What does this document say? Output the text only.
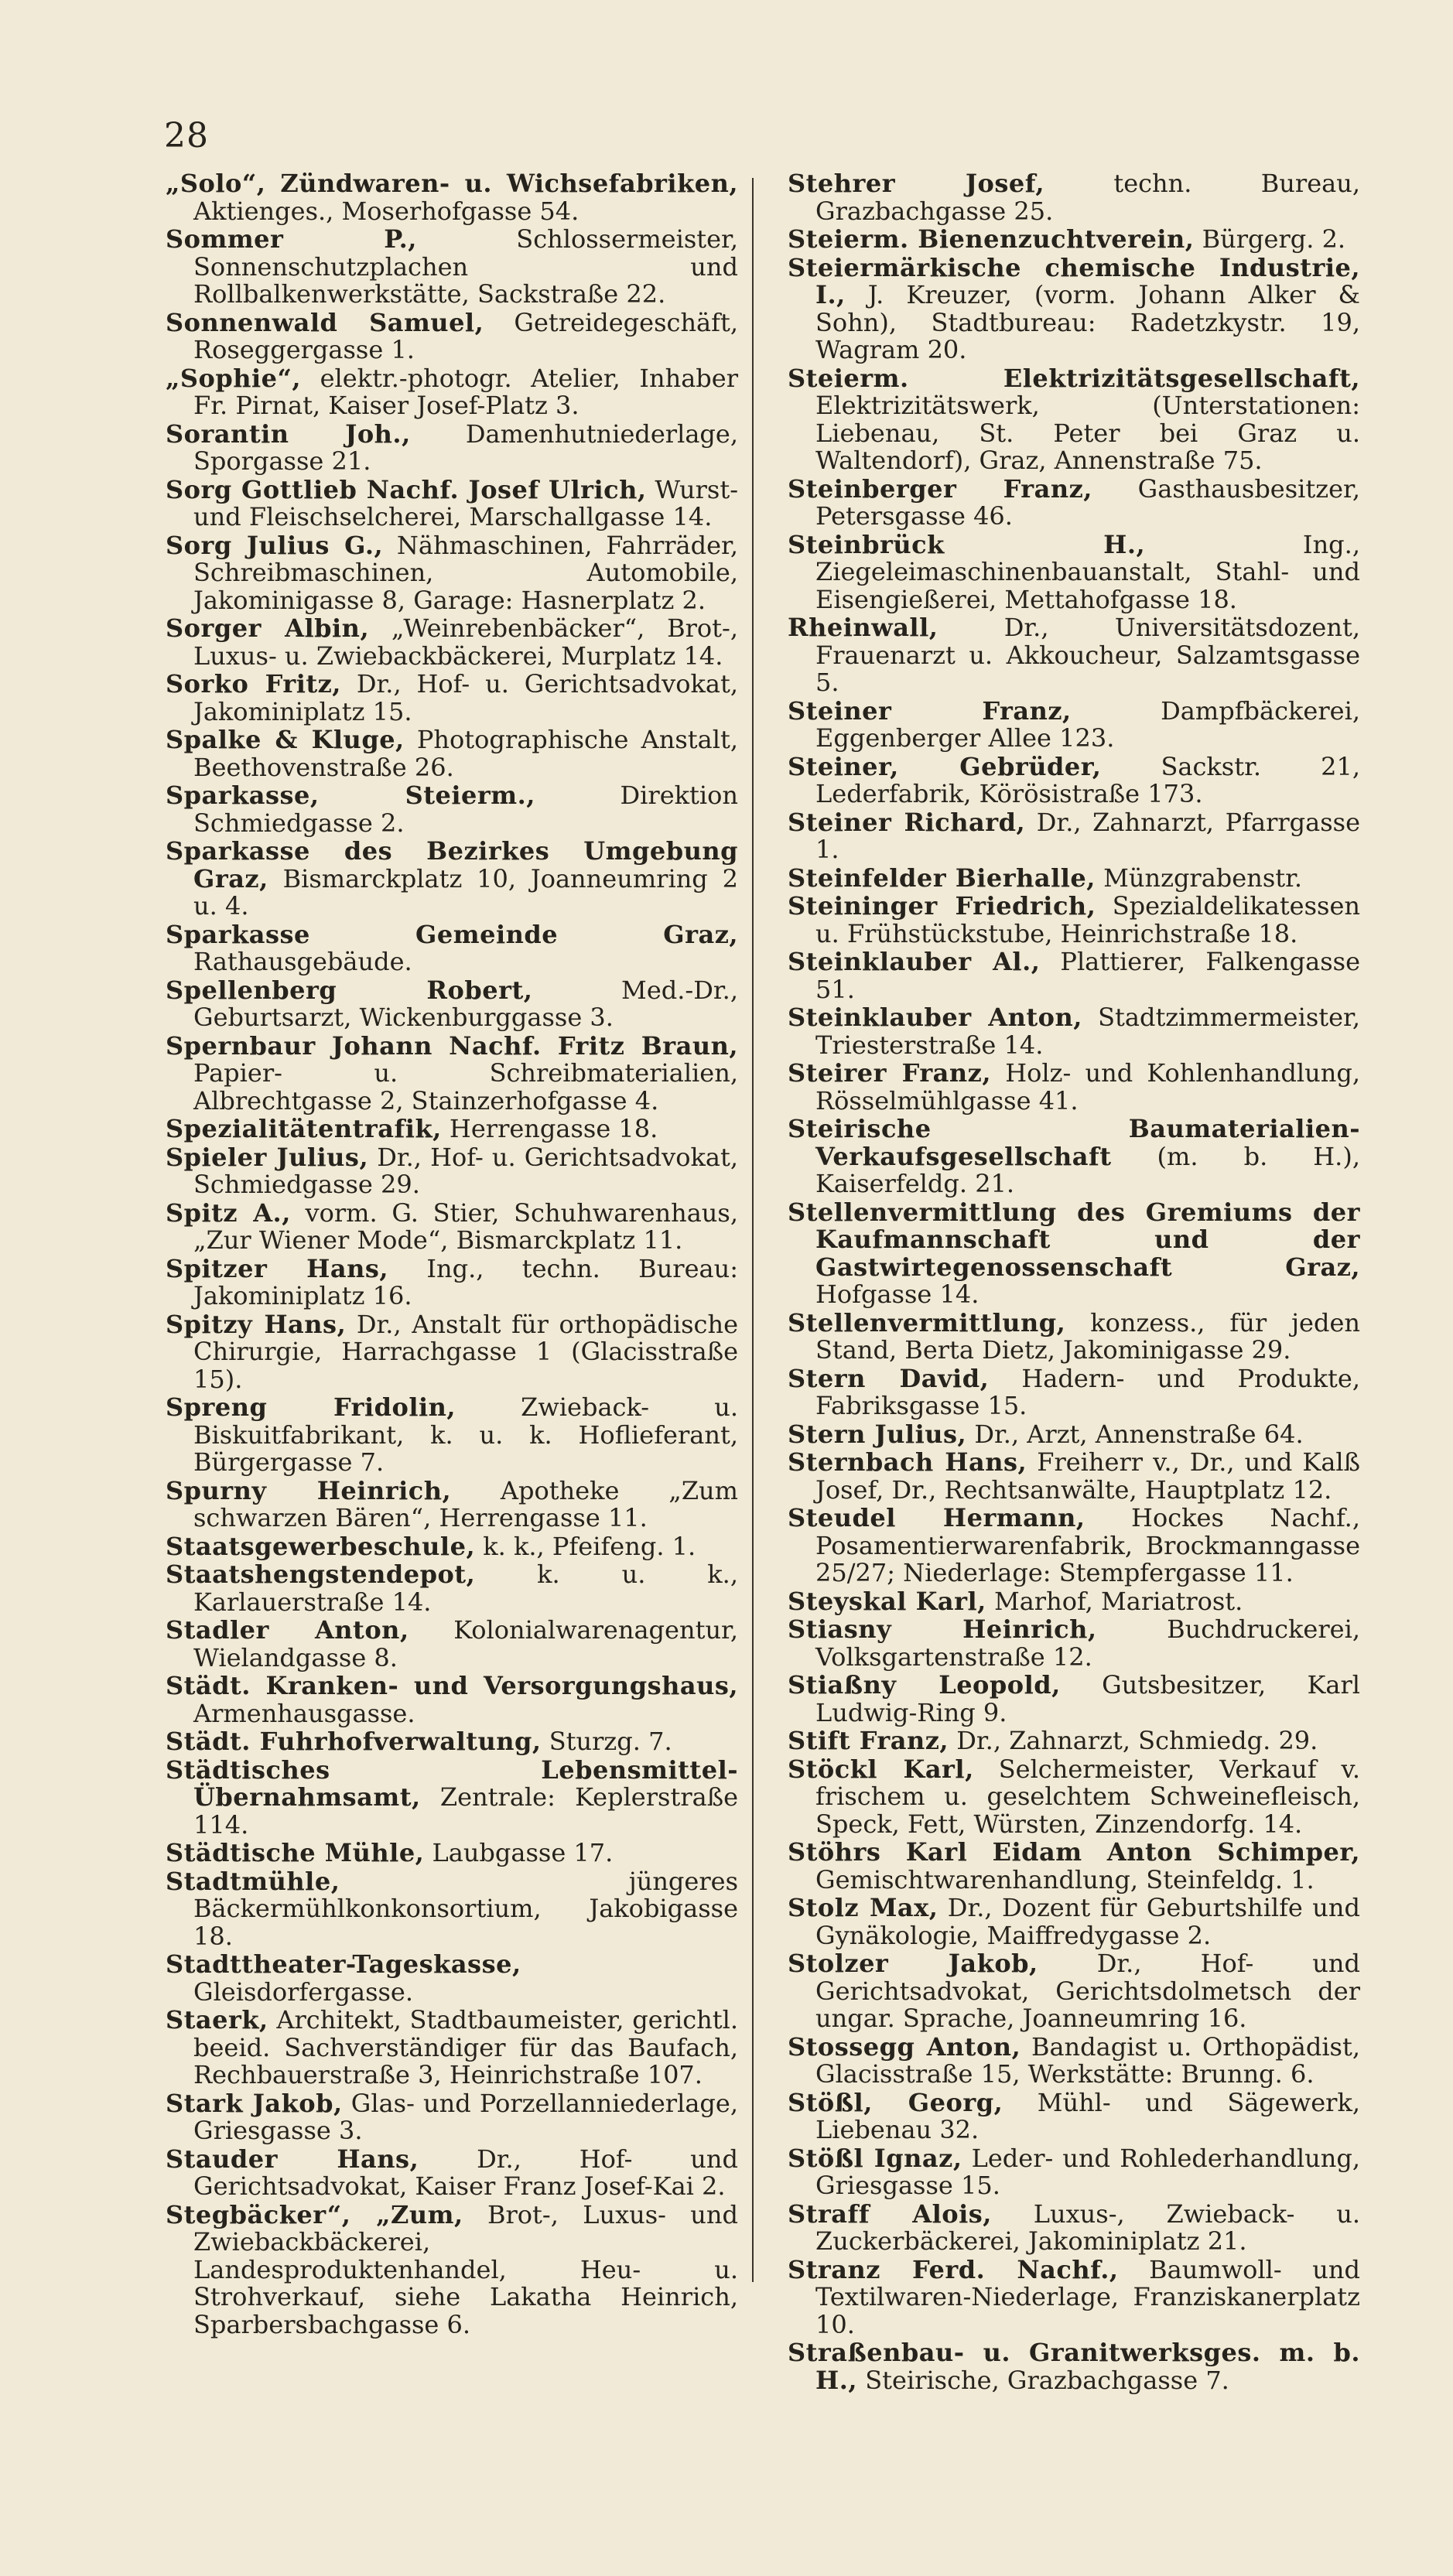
28

„Solo“, Zündwaren- u. Wichsefabriken, Aktienges., Moserhofgasse 54.

Sommer P., Schlossermeister, Sonnenschutzplachen und Rollbalkenwerkstätte, Sackstraße 22.

Sonnenwald Samuel, Getreidegeschäft, Roseggergasse 1.

„Sophie“, elektr.-photogr. Atelier, Inhaber Fr. Pirnat, Kaiser Josef-Platz 3.

Sorantin Joh., Damenhutniederlage, Sporgasse 21.

Sorg Gottlieb Nachf. Josef Ulrich, Wurst- und Fleischselcherei, Marschallgasse 14.

Sorg Julius G., Nähmaschinen, Fahrräder, Schreibmaschinen, Automobile, Jakominigasse 8, Garage: Hasnerplatz 2.

Sorger Albin, „Weinrebenbäcker“, Brot-, Luxus- u. Zwiebackbäckerei, Murplatz 14.

Sorko Fritz, Dr., Hof- u. Gerichtsadvokat, Jakominiplatz 15.

Spalke & Kluge, Photographische Anstalt, Beethovenstraße 26.

Sparkasse, Steierm., Direktion Schmiedgasse 2.

Sparkasse des Bezirkes Umgebung Graz, Bismarckplatz 10, Joanneumring 2 u. 4.

Sparkasse Gemeinde Graz, Rathausgebäude.

Spellenberg Robert, Med.-Dr., Geburtsarzt, Wickenburggasse 3.

Spernbaur Johann Nachf. Fritz Braun, Papier- u. Schreibmaterialien, Albrechtgasse 2, Stainzerhofgasse 4.

Spezialitätentrafik, Herrengasse 18.

Spieler Julius, Dr., Hof- u. Gerichtsadvokat, Schmiedgasse 29.

Spitz A., vorm. G. Stier, Schuhwarenhaus, „Zur Wiener Mode“, Bismarckplatz 11.

Spitzer Hans, Ing., techn. Bureau: Jakominiplatz 16.

Spitzy Hans, Dr., Anstalt für orthopädische Chirurgie, Harrachgasse 1 (Glacisstraße 15).

Spreng Fridolin, Zwieback- u. Biskuitfabrikant, k. u. k. Hoflieferant, Bürgergasse 7.

Spurny Heinrich, Apotheke „Zum schwarzen Bären“, Herrengasse 11.

Staatsgewerbeschule, k. k., Pfeifeng. 1.

Staatshengstendepot, k. u. k., Karlauerstraße 14.

Stadler Anton, Kolonialwarenagentur, Wielandgasse 8.

Städt. Kranken- und Versorgungshaus, Armenhausgasse.

Städt. Fuhrhofverwaltung, Sturzg. 7.

Städtisches Lebensmittel-Übernahmsamt, Zentrale: Keplerstraße 114.

Städtische Mühle, Laubgasse 17.

Stadtmühle, jüngeres Bäckermühlkonkonsortium, Jakobigasse 18.

Stadttheater-Tageskasse, Gleisdorfergasse.

Staerk, Architekt, Stadtbaumeister, gerichtl. beeid. Sachverständiger für das Baufach, Rechbauerstraße 3, Heinrichstraße 107.

Stark Jakob, Glas- und Porzellanniederlage, Griesgasse 3.

Stauder Hans, Dr., Hof- und Gerichtsadvokat, Kaiser Franz Josef-Kai 2.

Stegbäcker“, „Zum, Brot-, Luxus- und Zwiebackbäckerei, Landesproduktenhandel, Heu- u. Strohverkauf, siehe Lakatha Heinrich, Sparbersbachgasse 6.

Stehrer Josef, techn. Bureau, Grazbachgasse 25.

Steierm. Bienenzuchtverein, Bürgerg. 2.

Steiermärkische chemische Industrie, I., J. Kreuzer, (vorm. Johann Alker & Sohn), Stadtbureau: Radetzkystr. 19, Wagram 20.

Steierm. Elektrizitätsgesellschaft, Elektrizitätswerk, (Unterstationen: Liebenau, St. Peter bei Graz u. Waltendorf), Graz, Annenstraße 75.

Steinberger Franz, Gasthausbesitzer, Petersgasse 46.

Steinbrück H., Ing., Ziegeleimaschinenbauanstalt, Stahl- und Eisengießerei, Mettahofgasse 18.

Rheinwall, Dr., Universitätsdozent, Frauenarzt u. Akkoucheur, Salzamtsgasse 5.

Steiner Franz, Dampfbäckerei, Eggenberger Allee 123.

Steiner, Gebrüder, Sackstr. 21, Lederfabrik, Körösistraße 173.

Steiner Richard, Dr., Zahnarzt, Pfarrgasse 1.

Steinfelder Bierhalle, Münzgrabenstr.

Steininger Friedrich, Spezialdelikatessen u. Frühstückstube, Heinrichstraße 18.

Steinklauber Al., Plattierer, Falkengasse 51.

Steinklauber Anton, Stadtzimmermeister, Triesterstraße 14.

Steirer Franz, Holz- und Kohlenhandlung, Rösselmühlgasse 41.

Steirische Baumaterialien-Verkaufsgesellschaft (m. b. H.), Kaiserfeldg. 21.

Stellenvermittlung des Gremiums der Kaufmannschaft und der Gastwirtegenossenschaft Graz, Hofgasse 14.

Stellenvermittlung, konzess., für jeden Stand, Berta Dietz, Jakominigasse 29.

Stern David, Hadern- und Produkte, Fabriksgasse 15.

Stern Julius, Dr., Arzt, Annenstraße 64.

Sternbach Hans, Freiherr v., Dr., und Kalß Josef, Dr., Rechtsanwälte, Hauptplatz 12.

Steudel Hermann, Hockes Nachf., Posamentierwarenfabrik, Brockmanngasse 25/27; Niederlage: Stempfergasse 11.

Steyskal Karl, Marhof, Mariatrost.

Stiasny Heinrich, Buchdruckerei, Volksgartenstraße 12.

Stiaßny Leopold, Gutsbesitzer, Karl Ludwig-Ring 9.

Stift Franz, Dr., Zahnarzt, Schmiedg. 29.

Stöckl Karl, Selchermeister, Verkauf v. frischem u. geselchtem Schweinefleisch, Speck, Fett, Würsten, Zinzendorfg. 14.

Stöhrs Karl Eidam Anton Schimper, Gemischtwarenhandlung, Steinfeldg. 1.

Stolz Max, Dr., Dozent für Geburtshilfe und Gynäkologie, Maiffredygasse 2.

Stolzer Jakob, Dr., Hof- und Gerichtsadvokat, Gerichtsdolmetsch der ungar. Sprache, Joanneumring 16.

Stossegg Anton, Bandagist u. Orthopädist, Glacisstraße 15, Werkstätte: Brunng. 6.

Stößl, Georg, Mühl- und Sägewerk, Liebenau 32.

Stößl Ignaz, Leder- und Rohlederhandlung, Griesgasse 15.

Straff Alois, Luxus-, Zwieback- u. Zuckerbäckerei, Jakominiplatz 21.

Stranz Ferd. Nachf., Baumwoll- und Textilwaren-Niederlage, Franziskanerplatz 10.

Straßenbau- u. Granitwerksges. m. b. H., Steirische, Grazbachgasse 7.
